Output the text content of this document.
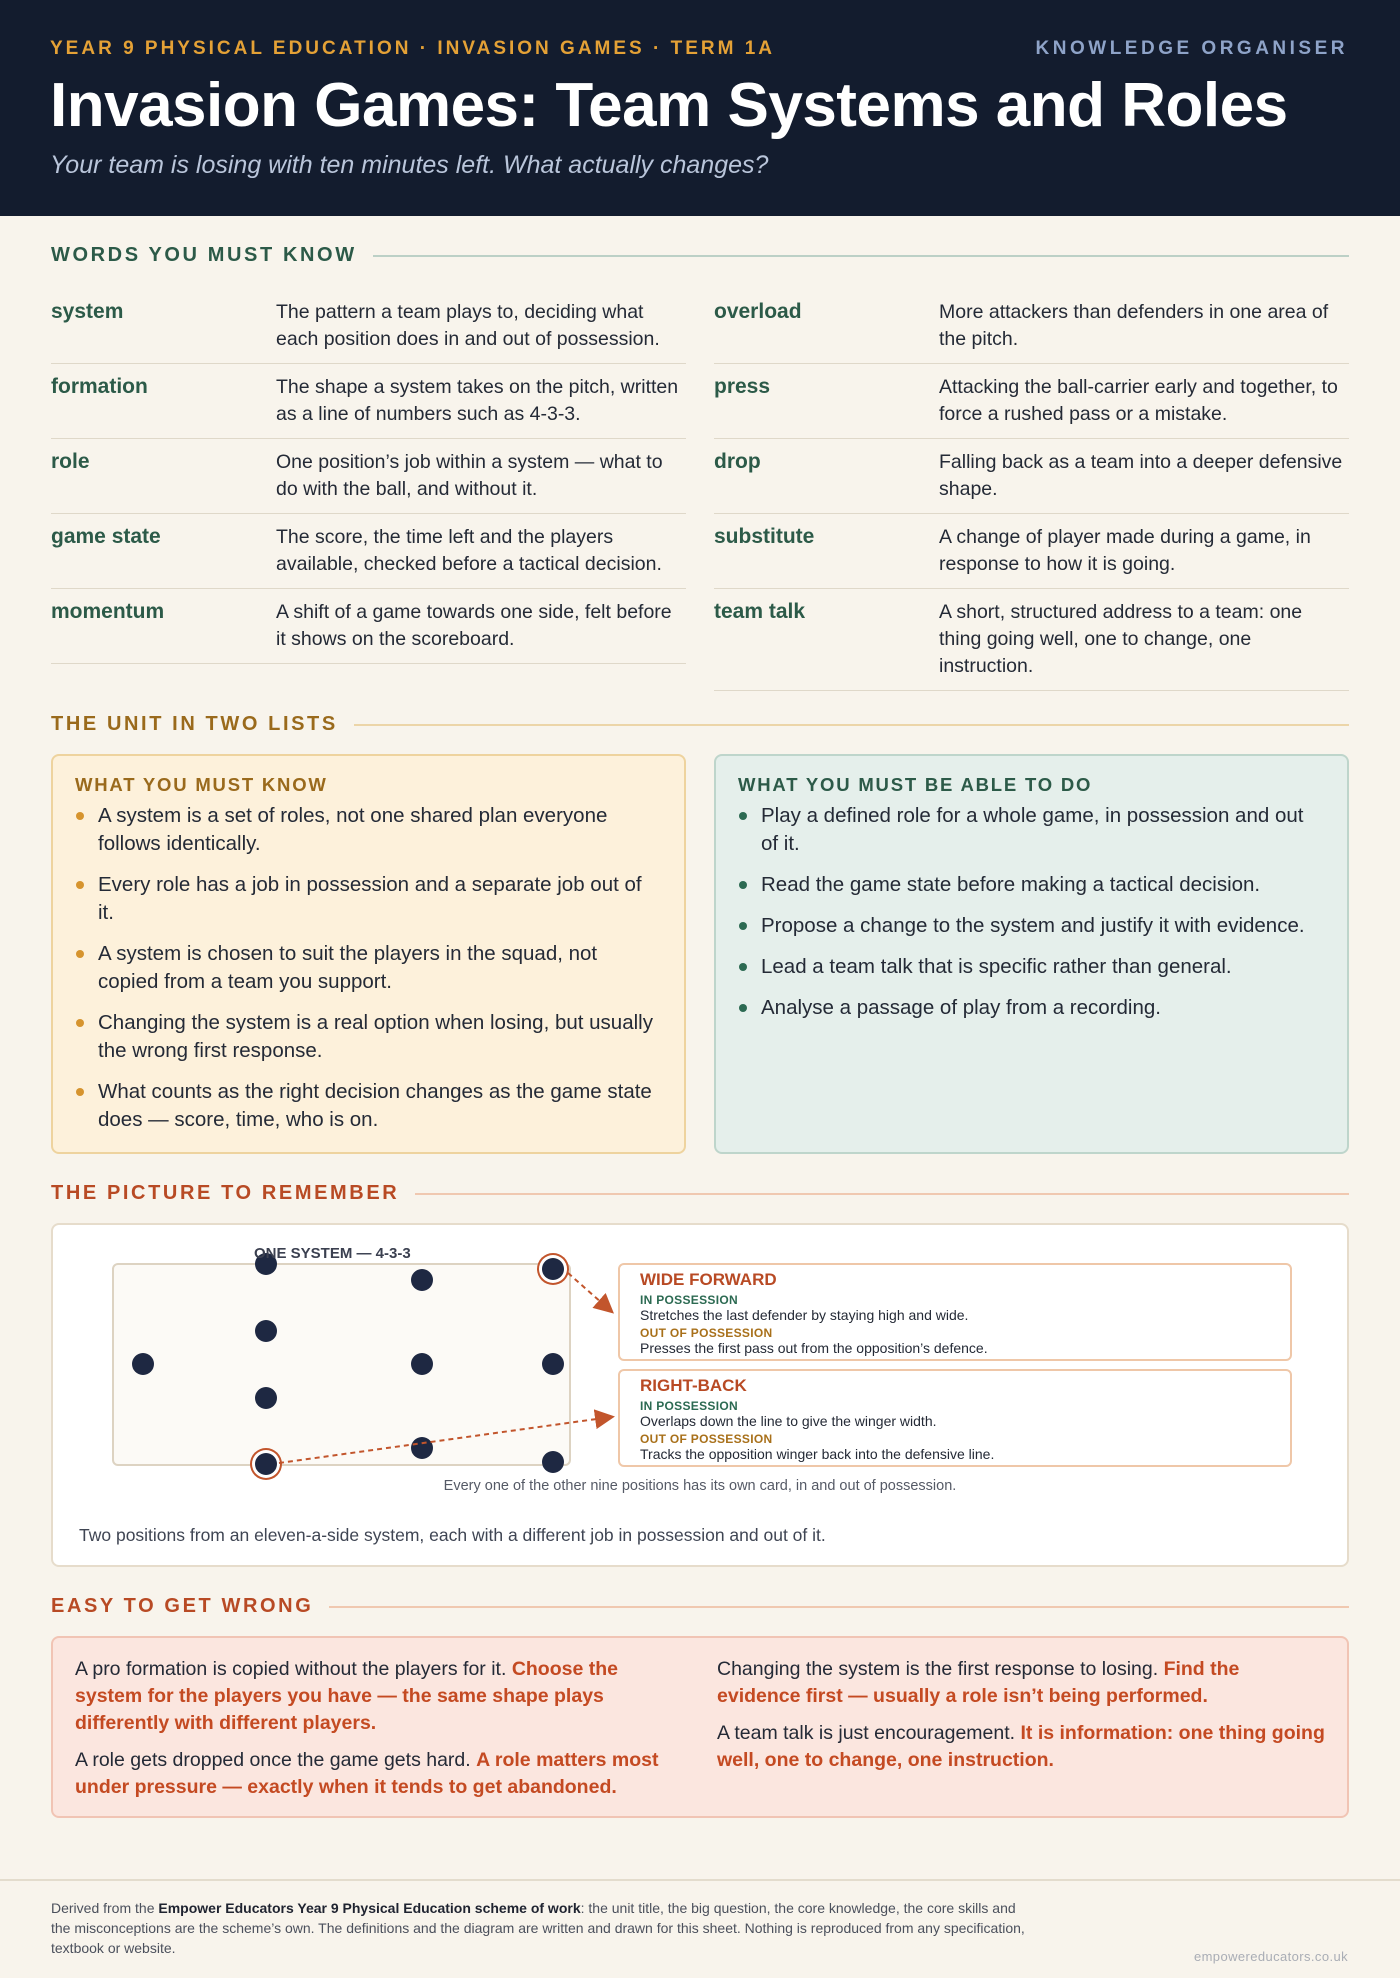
YEAR 9 PHYSICAL EDUCATION · INVASION GAMES · TERM 1A	KNOWLEDGE ORGANISER
Invasion Games: Team Systems and Roles
Your team is losing with ten minutes left. What actually changes?
WORDS YOU MUST KNOW
system	The pattern a team plays to, deciding what each position does in and out of possession.
formation	The shape a system takes on the pitch, written as a line of numbers such as 4-3-3.
role	One position’s job within a system — what to do with the ball, and without it.
game state	The score, the time left and the players available, checked before a tactical decision.
momentum	A shift of a game towards one side, felt before it shows on the scoreboard.
overload	More attackers than defenders in one area of the pitch.
press	Attacking the ball-carrier early and together, to force a rushed pass or a mistake.
drop	Falling back as a team into a deeper defensive shape.
substitute	A change of player made during a game, in response to how it is going.
team talk	A short, structured address to a team: one thing going well, one to change, one instruction.
THE UNIT IN TWO LISTS
WHAT YOU MUST KNOW
A system is a set of roles, not one shared plan everyone follows identically.
Every role has a job in possession and a separate job out of it.
A system is chosen to suit the players in the squad, not copied from a team you support.
Changing the system is a real option when losing, but usually the wrong first response.
What counts as the right decision changes as the game state does — score, time, who is on.
WHAT YOU MUST BE ABLE TO DO
Play a defined role for a whole game, in possession and out of it.
Read the game state before making a tactical decision.
Propose a change to the system and justify it with evidence.
Lead a team talk that is specific rather than general.
Analyse a passage of play from a recording.
THE PICTURE TO REMEMBER
ONE SYSTEM — 4-3-3
WIDE FORWARD
IN POSSESSION
Stretches the last defender by staying high and wide.
OUT OF POSSESSION
Presses the first pass out from the opposition’s defence.
RIGHT-BACK
IN POSSESSION
Overlaps down the line to give the winger width.
OUT OF POSSESSION
Tracks the opposition winger back into the defensive line.
Every one of the other nine positions has its own card, in and out of possession.
Two positions from an eleven-a-side system, each with a different job in possession and out of it.
EASY TO GET WRONG
A pro formation is copied without the players for it. Choose the system for the players you have — the same shape plays differently with different players.
A role gets dropped once the game gets hard. A role matters most under pressure — exactly when it tends to get abandoned.
Changing the system is the first response to losing. Find the evidence first — usually a role isn’t being performed.
A team talk is just encouragement. It is information: one thing going well, one to change, one instruction.
Derived from the Empower Educators Year 9 Physical Education scheme of work: the unit title, the big question, the core knowledge, the core skills and the misconceptions are the scheme’s own. The definitions and the diagram are written and drawn for this sheet. Nothing is reproduced from any specification, textbook or website.
empowereducators.co.uk
